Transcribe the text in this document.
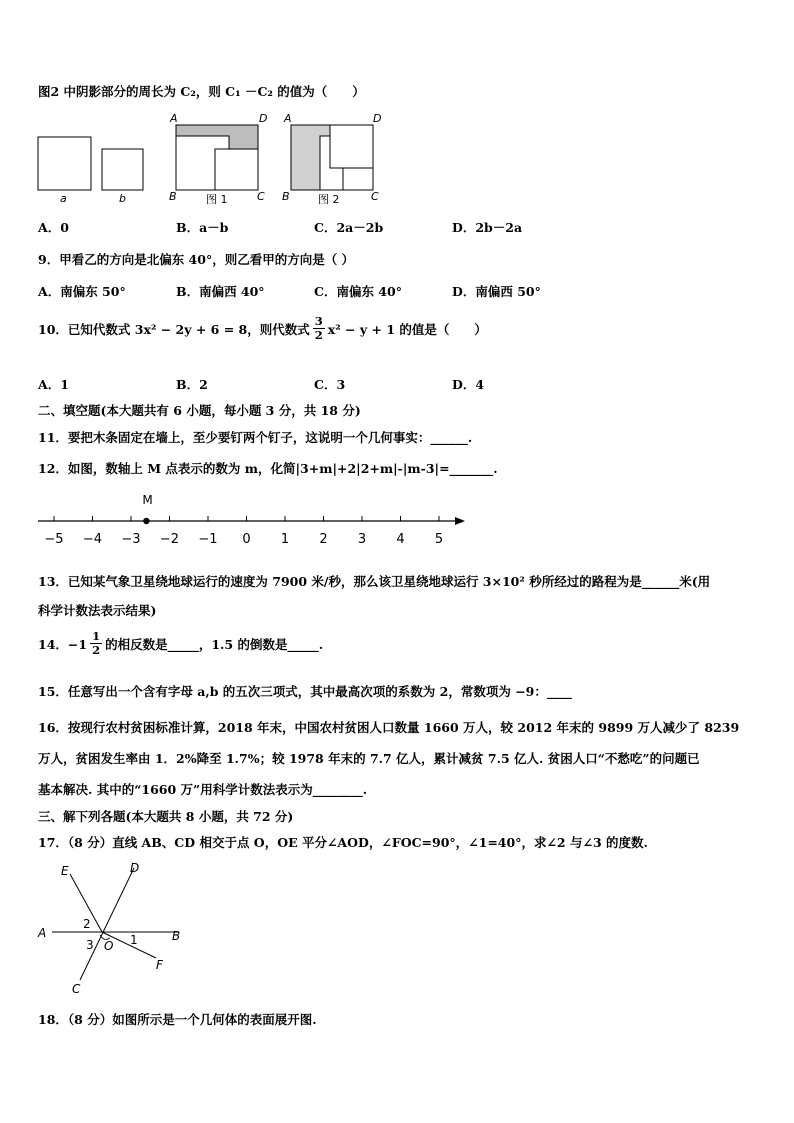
图2 中阴影部分的周长为 C₂，则 C₁ －C₂ 的值为（　　）
a	b
A	D
B	C
图 1
A	D
B	C
图 2
A．0	B．a－b	C．2a－2b	D．2b－2a
9．甲看乙的方向是北偏东 40°，则乙看甲的方向是（ ）
A．南偏东 50°	B．南偏西 40°	C．南偏东 40°	D．南偏西 50°
10．已知代数式 3x² − 2y + 6 = 8，则代数式 $\frac{3}{2} x^2 - y + 1$ 的值是（　　）
A．1	B．2	C．3	D．4
二、填空题(本大题共有 6 小题，每小题 3 分，共 18 分)
11．要把木条固定在墙上，至少要钉两个钉子，这说明一个几何事实：______.
12．如图，数轴上 M 点表示的数为 m，化简|3+m|+2|2+m|-|m-3|=_______.
−5 −4 −3 −2 −1 0 1 2 3 4 5
M
13．已知某气象卫星绕地球运行的速度为 7900 米/秒，那么该卫星绕地球运行 3×10² 秒所经过的路程为是______米(用
科学计数法表示结果)
14．$-1 \frac{1}{2}$ 的相反数是_____，1.5 的倒数是_____.
15．任意写出一个含有字母 a,b 的五次三项式，其中最高次项的系数为 2，常数项为 −9：____
16．按现行农村贫困标准计算，2018 年末，中国农村贫困人口数量 1660 万人，较 2012 年末的 9899 万人减少了 8239
万人，贫困发生率由 1．2%降至 1.7%；较 1978 年末的 7.7 亿人，累计减贫 7.5 亿人. 贫困人口“不愁吃”的问题已
基本解决. 其中的“1660 万”用科学计数法表示为________.
三、解下列各题(本大题共 8 小题，共 72 分)
17．（8 分）直线 AB、CD 相交于点 O，OE 平分∠AOD，∠FOC=90°，∠1=40°，求∠2 与∠3 的度数.
A	B
C
D
E
F
O 1
2
3
18．（8 分）如图所示是一个几何体的表面展开图.
